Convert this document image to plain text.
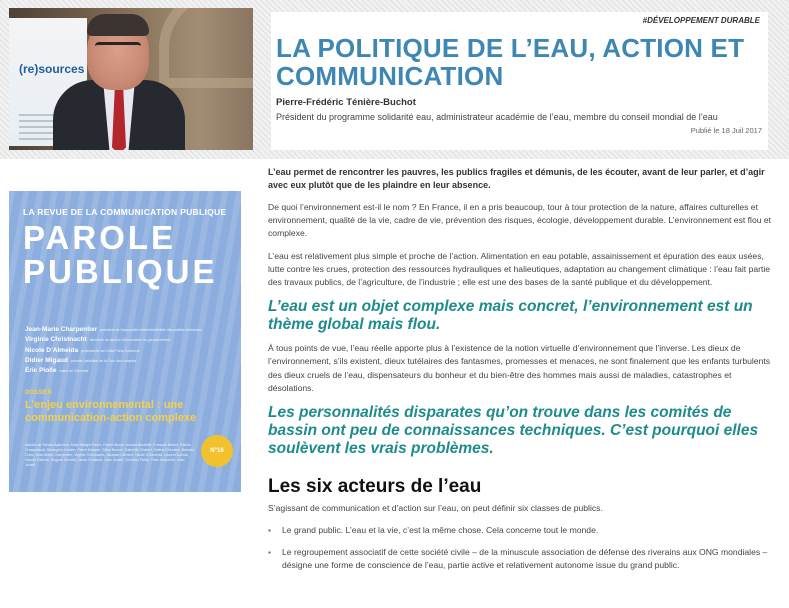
(re)sources
#DÉVELOPPEMENT DURABLE
LA POLITIQUE DE L’EAU, ACTION ET COMMUNICATION
Pierre-Frédéric Ténière-Buchot
Président du programme solidarité eau, administrateur académie de l’eau, membre du conseil mondial de l’eau
Publié le 18 Juil 2017
LA REVUE DE LA COMMUNICATION PUBLIQUE
PAROLE
PUBLIQUE
Jean-Marie Charpentier président de l’association interministérielle des publics territoriaux
Virginie Christnacht directrice du service d’information du gouvernement
Nicole D’Almeida professeure au Celsa Paris-Sorbonne
Didier Migaud premier président de la Cour des comptes
Éric Piolle maire de Grenoble
DOSSIER
L’enjeu environnemental : une communication-action complexe
Articles de Sandra Ajaccheti, Anne Bisagni-Faure, Robert Boure, Arnaud Bouteille, François Bréant, Patrick Chasseriaud, Bérangère Gratien, Pierre Boisson, Gilles Bouvet, Gabrielle Chabrol, Valérie Chevalier, Bernard Cram, Jean-Marie Charpentier, Virginie Christnacht, Jacques Clément, Nicole D’Almeida, Laurent Dumas, Claude Delmas, Hugues Devidal, Xavier Fontanet, Jean Jouzel, Christian Flohic, Yves Jeanneret, Jean Jouzel
N°16

L’eau permet de rencontrer les pauvres, les publics fragiles et démunis, de les écouter, avant de leur parler, et d’agir avec eux plutôt que de les plaindre en leur absence.

De quoi l’environnement est-il le nom ? En France, il en a pris beaucoup, tour à tour protection de la nature, affaires culturelles et environnement, qualité de la vie, cadre de vie, prévention des risques, écologie, développement durable. L’environnement est flou et complexe.

L’eau est relativement plus simple et proche de l’action. Alimentation en eau potable, assainissement et épuration des eaux usées, lutte contre les crues, protection des ressources hydrauliques et halieutiques, adaptation au changement climatique : l’eau fait partie des travaux publics, de l’agriculture, de l’industrie ; elle est une des bases de la santé publique et du développement.

L’eau est un objet complexe mais concret, l’environnement est un thème global mais flou.

À tous points de vue, l’eau réelle apporte plus à l’existence de la notion virtuelle d’environnement que l’inverse. Les dieux de l’environnement, s’ils existent, dieux tutélaires des fantasmes, promesses et menaces, ne sont finalement que les enfants turbulents des dieux cruels de l’eau, dispensateurs du bonheur et du bien-être des hommes mais aussi de maladies, catastrophes et désolations.

Les personnalités disparates qu’on trouve dans les comités de bassin ont peu de connaissances techniques. C’est pourquoi elles soulèvent les vrais problèmes.

Les six acteurs de l’eau

S’agissant de communication et d’action sur l’eau, on peut définir six classes de publics.

▪ Le grand public. L’eau et la vie, c’est la même chose. Cela concerne tout le monde.
▪ Le regroupement associatif de cette société civile – de la minuscule association de défense des riverains aux ONG mondiales – désigne une forme de conscience de l’eau, partie active et relativement autonome issue du grand public.
